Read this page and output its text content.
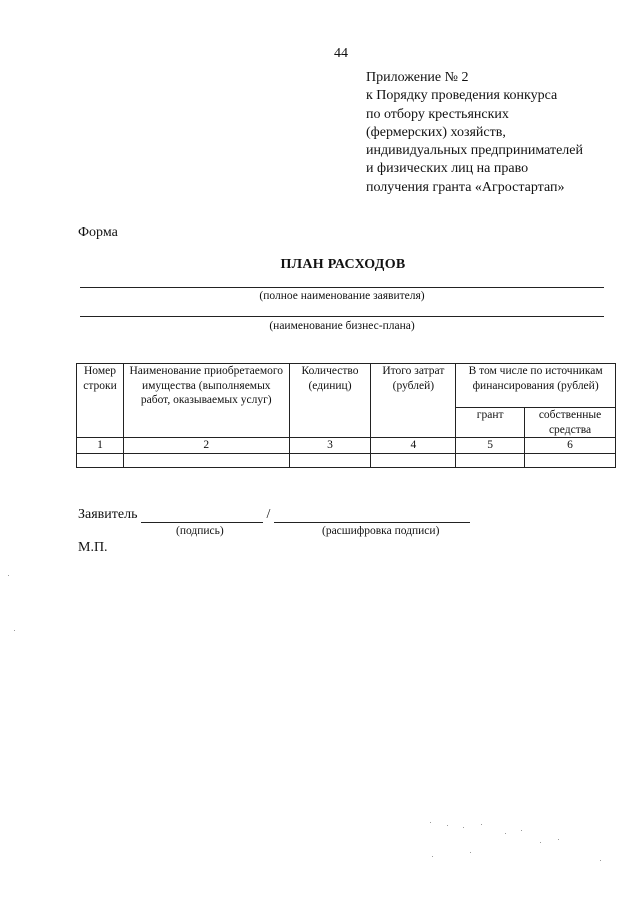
44
Приложение № 2
к Порядку проведения конкурса
по отбору крестьянских
(фермерских) хозяйств,
индивидуальных предпринимателей
и физических лиц на право
получения гранта «Агростартап»
Форма
ПЛАН РАСХОДОВ
(полное наименование заявителя)
(наименование бизнес-плана)
Номер строки	Наименование приобретаемого имущества (выполняемых работ, оказываемых услуг)	Количество (единиц)	Итого затрат (рублей)	В том числе по источникам финансирования (рублей)	
				грант	собственные средства
1	2	3	4	5	6

Заявитель	/
(подпись)	(расшифровка подписи)
М.П.
